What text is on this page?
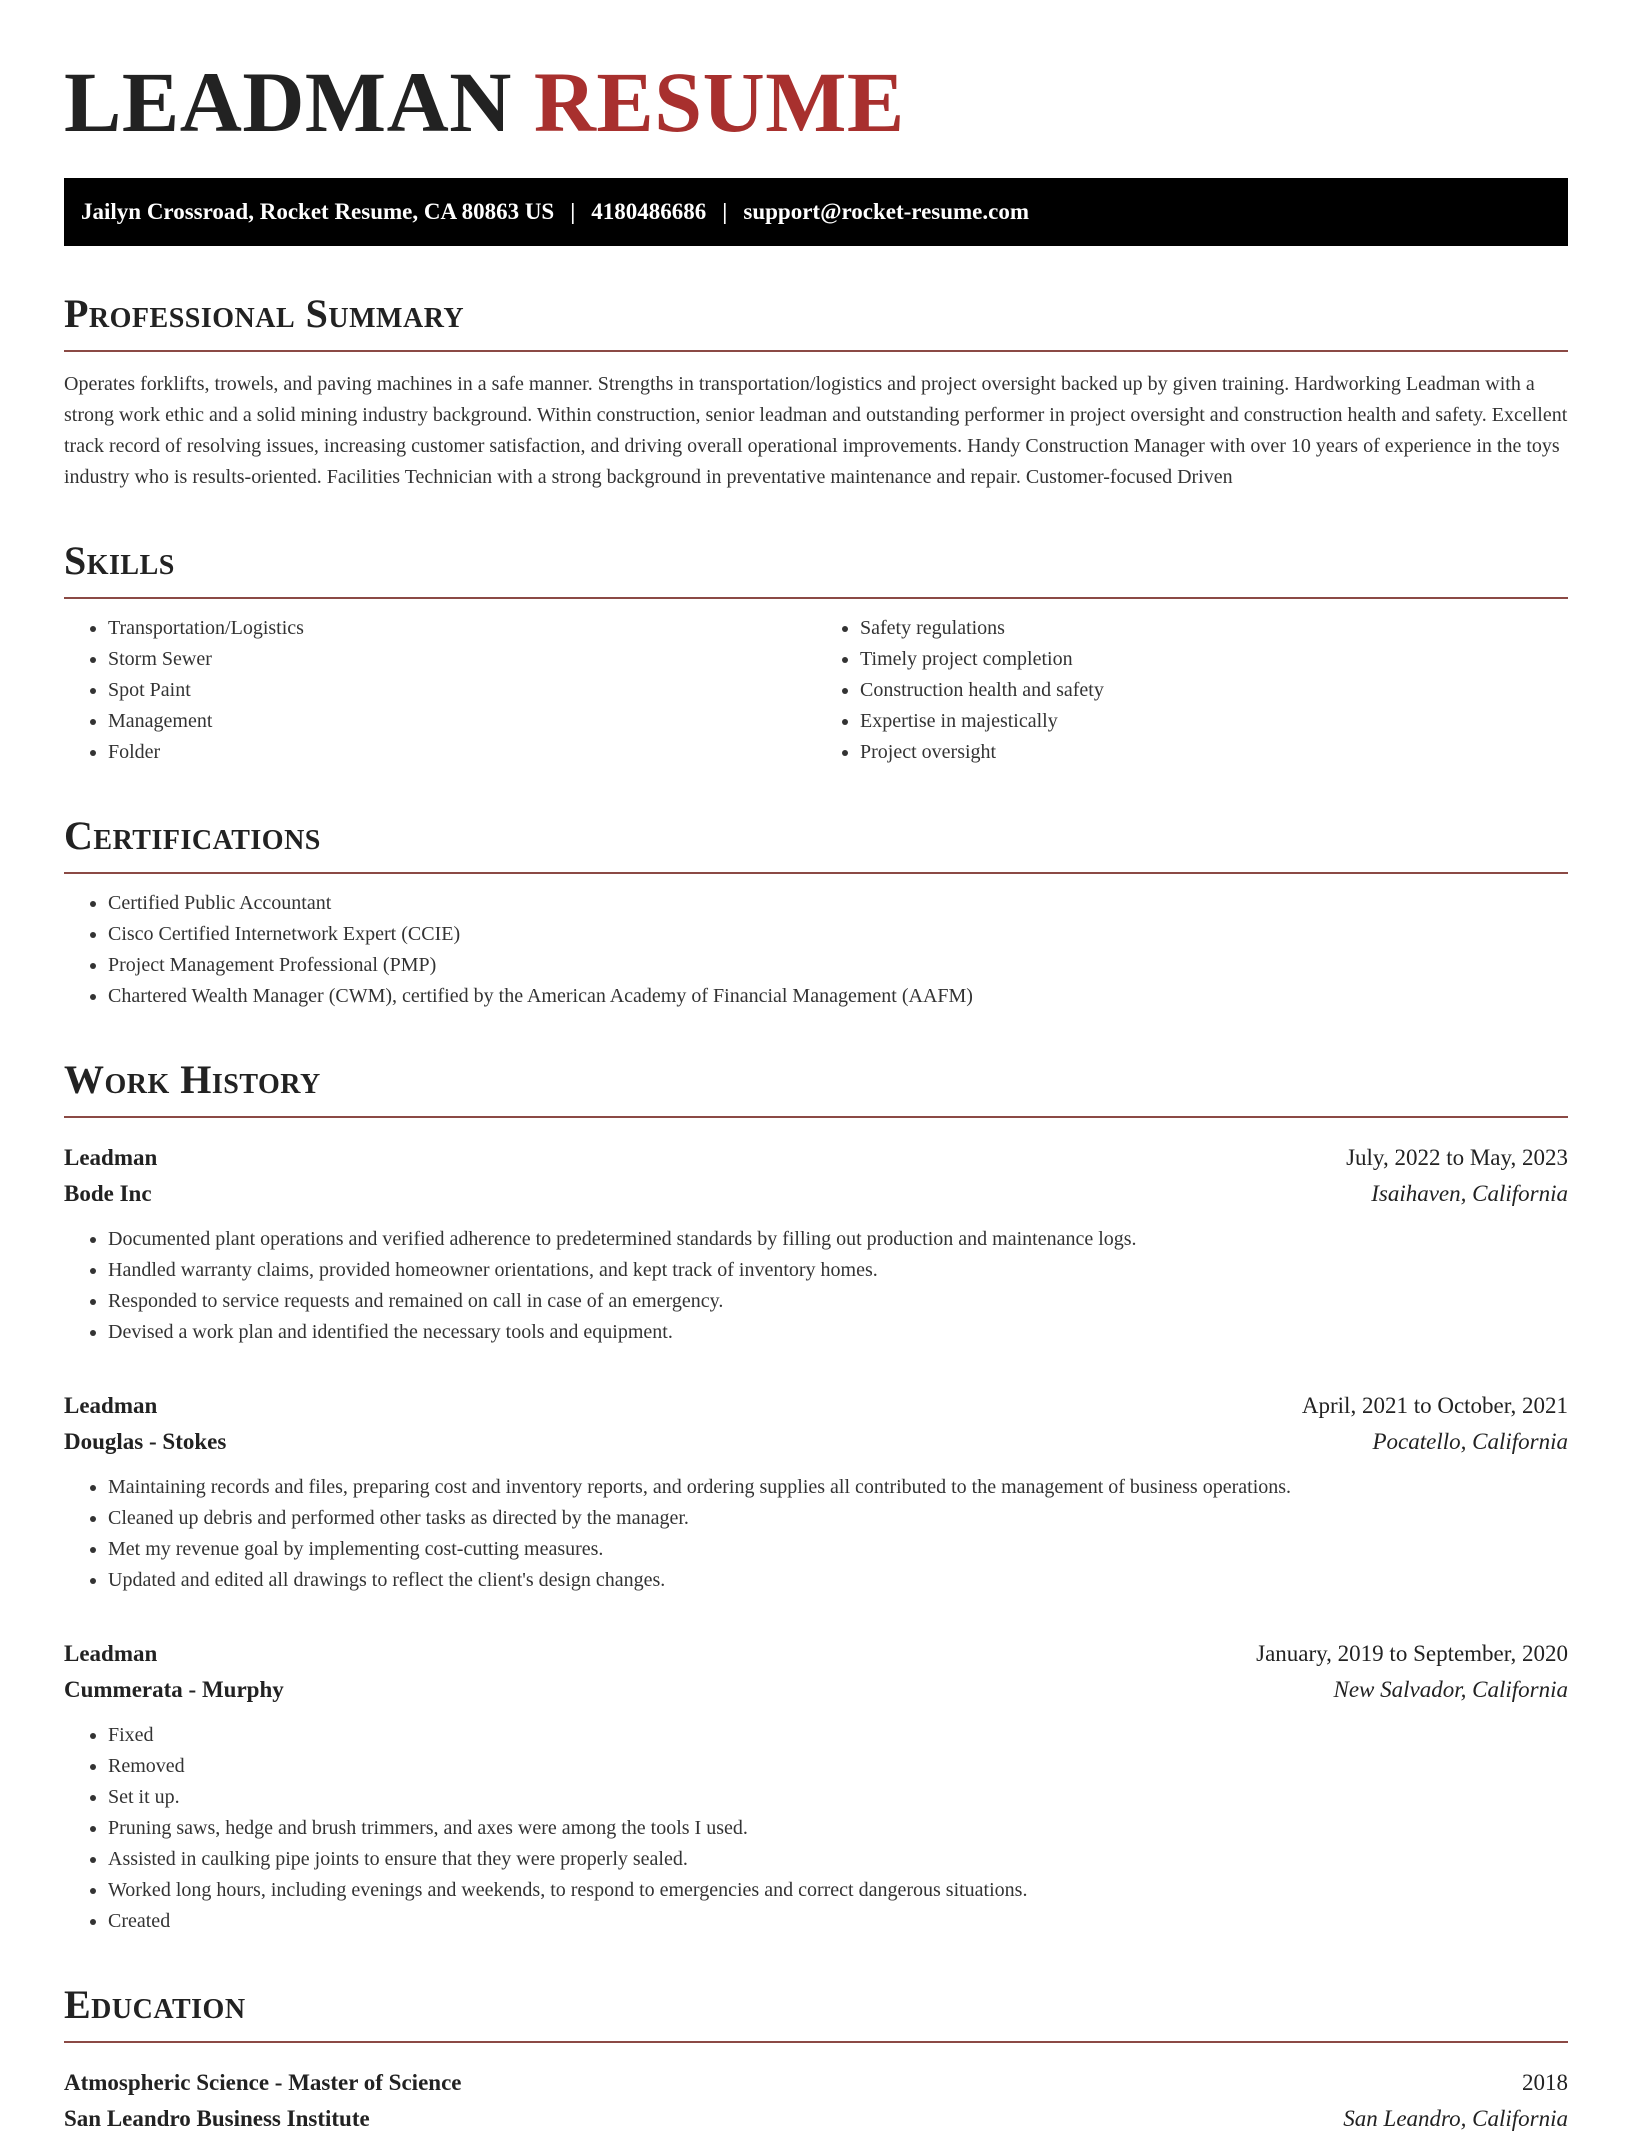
LEADMAN RESUME
Jailyn Crossroad, Rocket Resume, CA 80863 US | 4180486686 | support@rocket-resume.com
Professional Summary

Operates forklifts, trowels, and paving machines in a safe manner. Strengths in transportation/logistics and project oversight backed up by given training. Hardworking Leadman with a strong work ethic and a solid mining industry background. Within construction, senior leadman and outstanding performer in project oversight and construction health and safety. Excellent track record of resolving issues, increasing customer satisfaction, and driving overall operational improvements. Handy Construction Manager with over 10 years of experience in the toys industry who is results-oriented. Facilities Technician with a strong background in preventative maintenance and repair. Customer-focused Driven

Skills
• Transportation/Logistics
• Storm Sewer
• Spot Paint
• Management
• Folder
• Safety regulations
• Timely project completion
• Construction health and safety
• Expertise in majestically
• Project oversight
Certifications
• Certified Public Accountant
• Cisco Certified Internetwork Expert (CCIE)
• Project Management Professional (PMP)
• Chartered Wealth Manager (CWM), certified by the American Academy of Financial Management (AAFM)
Work History
Leadman	July, 2022 to May, 2023
Bode Inc	Isaihaven, California
• Documented plant operations and verified adherence to predetermined standards by filling out production and maintenance logs.
• Handled warranty claims, provided homeowner orientations, and kept track of inventory homes.
• Responded to service requests and remained on call in case of an emergency.
• Devised a work plan and identified the necessary tools and equipment.
Leadman	April, 2021 to October, 2021
Douglas - Stokes	Pocatello, California
• Maintaining records and files, preparing cost and inventory reports, and ordering supplies all contributed to the management of business operations.
• Cleaned up debris and performed other tasks as directed by the manager.
• Met my revenue goal by implementing cost-cutting measures.
• Updated and edited all drawings to reflect the client's design changes.
Leadman	January, 2019 to September, 2020
Cummerata - Murphy	New Salvador, California
• Fixed
• Removed
• Set it up.
• Pruning saws, hedge and brush trimmers, and axes were among the tools I used.
• Assisted in caulking pipe joints to ensure that they were properly sealed.
• Worked long hours, including evenings and weekends, to respond to emergencies and correct dangerous situations.
• Created
Education
Atmospheric Science - Master of Science	2018
San Leandro Business Institute	San Leandro, California
